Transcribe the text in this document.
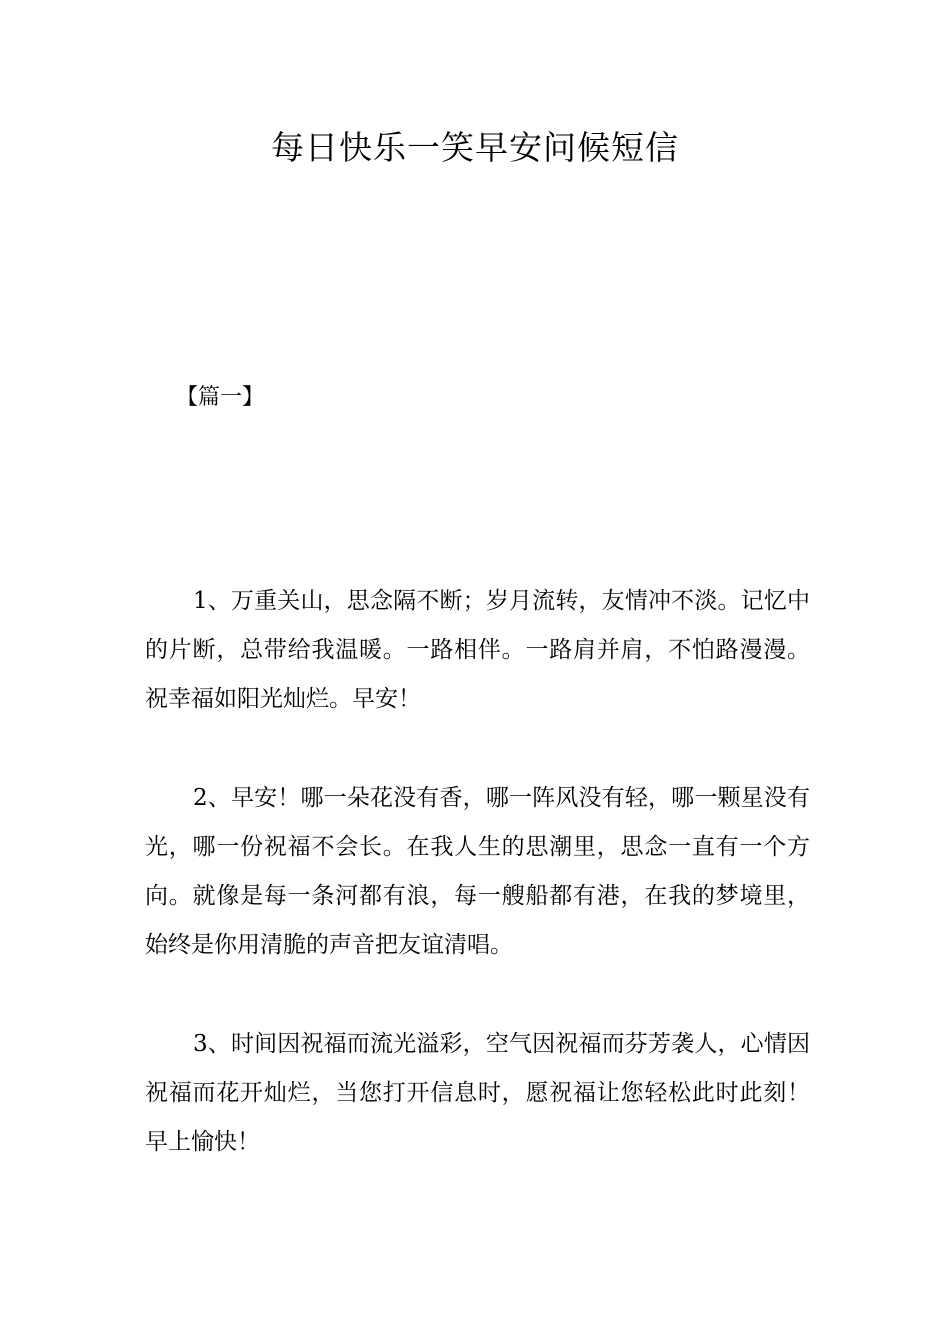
每日快乐一笑早安问候短信

【篇一】

1、万重关山，思念隔不断；岁月流转，友情冲不淡。记忆中的片断，总带给我温暖。一路相伴。一路肩并肩，不怕路漫漫。祝幸福如阳光灿烂。早安！

2、早安！哪一朵花没有香，哪一阵风没有轻，哪一颗星没有光，哪一份祝福不会长。在我人生的思潮里，思念一直有一个方向。就像是每一条河都有浪，每一艘船都有港，在我的梦境里，始终是你用清脆的声音把友谊清唱。

3、时间因祝福而流光溢彩，空气因祝福而芬芳袭人，心情因祝福而花开灿烂，当您打开信息时，愿祝福让您轻松此时此刻！早上愉快！
